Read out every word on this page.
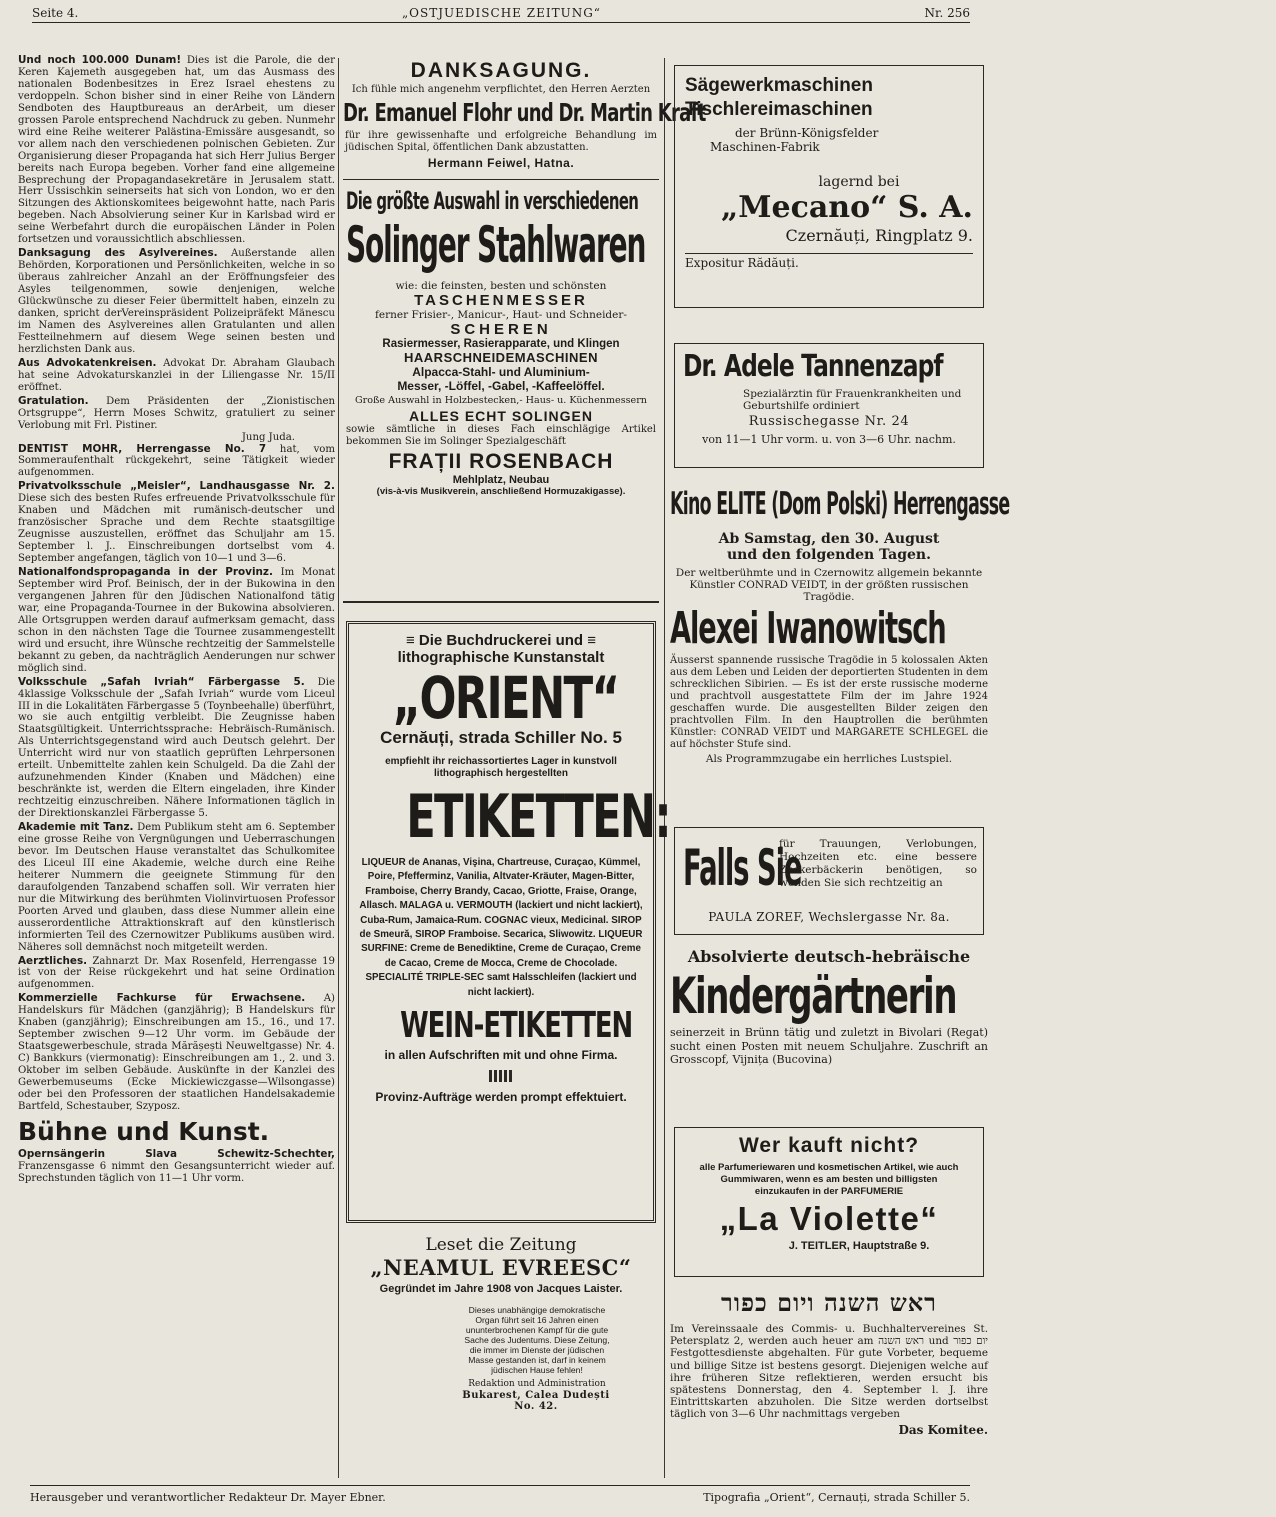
Seite 4.	„OSTJUEDISCHE ZEITUNG“	Nr. 256

Und noch 100.000 Dunam! Dies ist die Parole, die der Keren Kajemeth ausgegeben hat, um das Ausmass des nationalen Bodenbesitzes in Erez Israel ehestens zu verdoppeln. Schon bisher sind in einer Reihe von Ländern Sendboten des Hauptbureaus an derArbeit, um dieser grossen Parole entsprechend Nachdruck zu geben. Nunmehr wird eine Reihe weiterer Palästina-Emissäre ausgesandt, so vor allem nach den verschiedenen polnischen Gebieten. Zur Organisierung dieser Propaganda hat sich Herr Julius Berger bereits nach Europa begeben. Vorher fand eine allgemeine Besprechung der Propagandasekretäre in Jerusalem statt. Herr Ussischkin seinerseits hat sich von London, wo er den Sitzungen des Aktionskomitees beigewohnt hatte, nach Paris begeben. Nach Absolvierung seiner Kur in Karlsbad wird er seine Werbefahrt durch die europäischen Länder in Polen fortsetzen und voraussichtlich abschliessen.

Danksagung des Asylvereines. Außerstande allen Behörden, Korporationen und Persönlichkeiten, welche in so überaus zahlreicher Anzahl an der Eröffnungsfeier des Asyles teilgenommen, sowie denjenigen, welche Glückwünsche zu dieser Feier übermittelt haben, einzeln zu danken, spricht derVereinspräsident Polizeipräfekt Mänescu im Namen des Asylvereines allen Gratulanten und allen Festteilnehmern auf diesem Wege seinen besten und herzlichsten Dank aus.

Aus Advokatenkreisen. Advokat Dr. Abraham Glaubach hat seine Advokaturskanzlei in der Liliengasse Nr. 15/II eröffnet.

Gratulation. Dem Präsidenten der „Zionistischen Ortsgruppe“, Herrn Moses Schwitz, gratuliert zu seiner Verlobung mit Frl. Pistiner.

Jung Juda.

DENTIST MOHR, Herrengasse No. 7 hat, vom Sommeraufenthalt rückgekehrt, seine Tätigkeit wieder aufgenommen.

Privatvolksschule „Meisler“, Landhausgasse Nr. 2. Diese sich des besten Rufes erfreuende Privatvolksschule für Knaben und Mädchen mit rumänisch-deutscher und französischer Sprache und dem Rechte staatsgiltige Zeugnisse auszustellen, eröffnet das Schuljahr am 15. September l. J.. Einschreibungen dortselbst vom 4. September angefangen, täglich von 10—1 und 3—6.

Nationalfondspropaganda in der Provinz. Im Monat September wird Prof. Beinisch, der in der Bukowina in den vergangenen Jahren für den Jüdischen Nationalfond tätig war, eine Propaganda-Tournee in der Bukowina absolvieren. Alle Ortsgruppen werden darauf aufmerksam gemacht, dass schon in den nächsten Tage die Tournee zusammengestellt wird und ersucht, ihre Wünsche rechtzeitig der Sammelstelle bekannt zu geben, da nachträglich Aenderungen nur schwer möglich sind.

Volksschule „Safah Ivriah“ Färbergasse 5. Die 4klassige Volksschule der „Safah Ivriah“ wurde vom Liceul III in die Lokalitäten Färbergasse 5 (Toynbeehalle) überführt, wo sie auch entgiltig verbleibt. Die Zeugnisse haben Staatsgültigkeit. Unterrichtssprache: Hebräisch-Rumänisch. Als Unterrichtsgegenstand wird auch Deutsch gelehrt. Der Unterricht wird nur von staatlich geprüften Lehrpersonen erteilt. Unbemittelte zahlen kein Schulgeld. Da die Zahl der aufzunehmenden Kinder (Knaben und Mädchen) eine beschränkte ist, werden die Eltern eingeladen, ihre Kinder rechtzeitig einzuschreiben. Nähere Informationen täglich in der Direktionskanzlei Färbergasse 5.

Akademie mit Tanz. Dem Publikum steht am 6. September eine grosse Reihe von Vergnügungen und Ueberraschungen bevor. Im Deutschen Hause veranstaltet das Schulkomitee des Liceul III eine Akademie, welche durch eine Reihe heiterer Nummern die geeignete Stimmung für den daraufolgenden Tanzabend schaffen soll. Wir verraten hier nur die Mitwirkung des berühmten Violinvirtuosen Professor Poorten Arved und glauben, dass diese Nummer allein eine ausserordentliche Attraktionskraft auf den künstlerisch informierten Teil des Czernowitzer Publikums ausüben wird. Näheres soll demnächst noch mitgeteilt werden.

Aerztliches. Zahnarzt Dr. Max Rosenfeld, Herrengasse 19 ist von der Reise rückgekehrt und hat seine Ordination aufgenommen.

Kommerzielle Fachkurse für Erwachsene. A) Handelskurs für Mädchen (ganzjährig); B Handelskurs für Knaben (ganzjährig); Einschreibungen am 15., 16., und 17. September zwischen 9—12 Uhr vorm. im Gebäude der Staatsgewerbeschule, strada Mărășești Neuweltgasse) Nr. 4. C) Bankkurs (viermonatig): Einschreibungen am 1., 2. und 3. Oktober im selben Gebäude. Auskünfte in der Kanzlei des Gewerbemuseums (Ecke Mickiewiczgasse—Wilsongasse) oder bei den Professoren der staatlichen Handelsakademie Bartfeld, Schestauber, Szyposz.

Bühne und Kunst.

Opernsängerin Slava Schewitz-Schechter, Franzensgasse 6 nimmt den Gesangsunterricht wieder auf. Sprechstunden täglich von 11—1 Uhr vorm.

DANKSAGUNG.
Ich fühle mich angenehm verpflichtet, den Herren Aerzten
Dr. Emanuel Flohr und Dr. Martin Kraft
für ihre gewissenhafte und erfolgreiche Behandlung im jüdischen Spital, öffentlichen Dank abzustatten.
Hermann Feiwel, Hatna.
Die größte Auswahl in verschiedenen
Solinger Stahlwaren
wie: die feinsten, besten und schönsten
TASCHENMESSER
ferner Frisier-, Manicur-, Haut- und Schneider-
SCHEREN
Rasiermesser, Rasierapparate, und Klingen
HAARSCHNEIDEMASCHINEN
Alpacca-Stahl- und Aluminium-
Messer, -Löffel, -Gabel, -Kaffeelöffel.
Große Auswahl in Holzbestecken,- Haus- u. Küchenmessern
ALLES ECHT SOLINGEN
sowie sämtliche in dieses Fach einschlägige Artikel bekommen Sie im Solinger Spezialgeschäft
FRAȚII ROSENBACH
Mehlplatz, Neubau
(vis-à-vis Musikverein, anschließend Hormuzakigasse).
≡ Die Buchdruckerei und ≡
lithographische Kunstanstalt
„ORIENT“
Cernăuți, strada Schiller No. 5
empfiehlt ihr reichassortiertes Lager in kunstvoll lithographisch hergestellten
ETIKETTEN:
LIQUEUR de Ananas, Vişina, Chartreuse, Curaçao, Kümmel, Poire, Pfefferminz, Vanilia, Altvater-Kräuter, Magen-Bitter, Framboise, Cherry Brandy, Cacao, Griotte, Fraise, Orange, Allasch. MALAGA u. VERMOUTH (lackiert und nicht lackiert), Cuba-Rum, Jamaica-Rum. COGNAC vieux, Medicinal. SIROP de Smeură, SIROP Framboise. Secarica, Sliwowitz. LIQUEUR SURFINE: Creme de Benediktine, Creme de Curaçao, Creme de Cacao, Creme de Mocca, Creme de Chocolade. SPECIALITÉ TRIPLE-SEC samt Halsschleifen (lackiert und nicht lackiert).
WEIN-ETIKETTEN
in allen Aufschriften mit und ohne Firma.
Provinz-Aufträge werden prompt effektuiert.
Leset die Zeitung
„NEAMUL EVREESC“
Gegründet im Jahre 1908 von Jacques Laister.
Dieses unabhängige demokratische Organ führt seit 16 Jahren einen ununterbrochenen Kampf für die gute Sache des Judentums. Diese Zeitung, die immer im Dienste der jüdischen Masse gestanden ist, darf in keinem jüdischen Hause fehlen!
Redaktion und Administration
Bukarest, Calea Dudești No. 42.
Sägewerkmaschinen
Tischlereimaschinen
der Brünn-Königsfelder
Maschinen-Fabrik
lagernd bei
„Mecano“ S. A.
Czernăuți, Ringplatz 9.
Expositur Rădăuți.
Dr. Adele Tannenzapf
Spezialärztin für Frauenkrankheiten und Geburtshilfe ordiniert
Russischegasse Nr. 24
von 11—1 Uhr vorm. u. von 3—6 Uhr. nachm.
Kino ELITE (Dom Polski) Herrengasse
Ab Samstag, den 30. August
und den folgenden Tagen.
Der weltberühmte und in Czernowitz allgemein bekannte Künstler CONRAD VEIDT, in der größten russischen Tragödie.
Alexei Iwanowitsch
Äusserst spannende russische Tragödie in 5 kolossalen Akten aus dem Leben und Leiden der deportierten Studenten in dem schrecklichen Sibirien. — Es ist der erste russische moderne und prachtvoll ausgestattete Film der im Jahre 1924 geschaffen wurde. Die ausgestellten Bilder zeigen den prachtvollen Film. In den Hauptrollen die berühmten Künstler: CONRAD VEIDT und MARGARETE SCHLEGEL die auf höchster Stufe sind.
Als Programmzugabe ein herrliches Lustspiel.
Falls Sie
für Trauungen, Verlobungen, Hochzeiten etc. eine bessere Zuckerbäckerin benötigen, so wenden Sie sich rechtzeitig an
PAULA ZOREF, Wechslergasse Nr. 8a.
Absolvierte deutsch-hebräische
Kindergärtnerin
seinerzeit in Brünn tätig und zuletzt in Bivolari (Regat) sucht einen Posten mit neuem Schuljahre. Zuschrift an Grosscopf, Vijnița (Bucovina)
Wer kauft nicht?
alle Parfumeriewaren und kosmetischen Artikel, wie auch Gummiwaren, wenn es am besten und billigsten einzukaufen in der PARFUMERIE
„La Violette“
J. TEITLER, Hauptstraße 9.
ראש השנה ויום כפור
Im Vereinssaale des Commis- u. Buchhaltervereines St. Petersplatz 2, werden auch heuer am ראש השנה und יום כפור Festgottesdienste abgehalten. Für gute Vorbeter, bequeme und billige Sitze ist bestens gesorgt. Diejenigen welche auf ihre früheren Sitze reflektieren, werden ersucht bis spätestens Donnerstag, den 4. September l. J. ihre Eintrittskarten abzuholen. Die Sitze werden dortselbst täglich von 3—6 Uhr nachmittags vergeben
Das Komitee.
Herausgeber und verantwortlicher Redakteur Dr. Mayer Ebner.	Tipografia „Orient“, Cernauți, strada Schiller 5.
